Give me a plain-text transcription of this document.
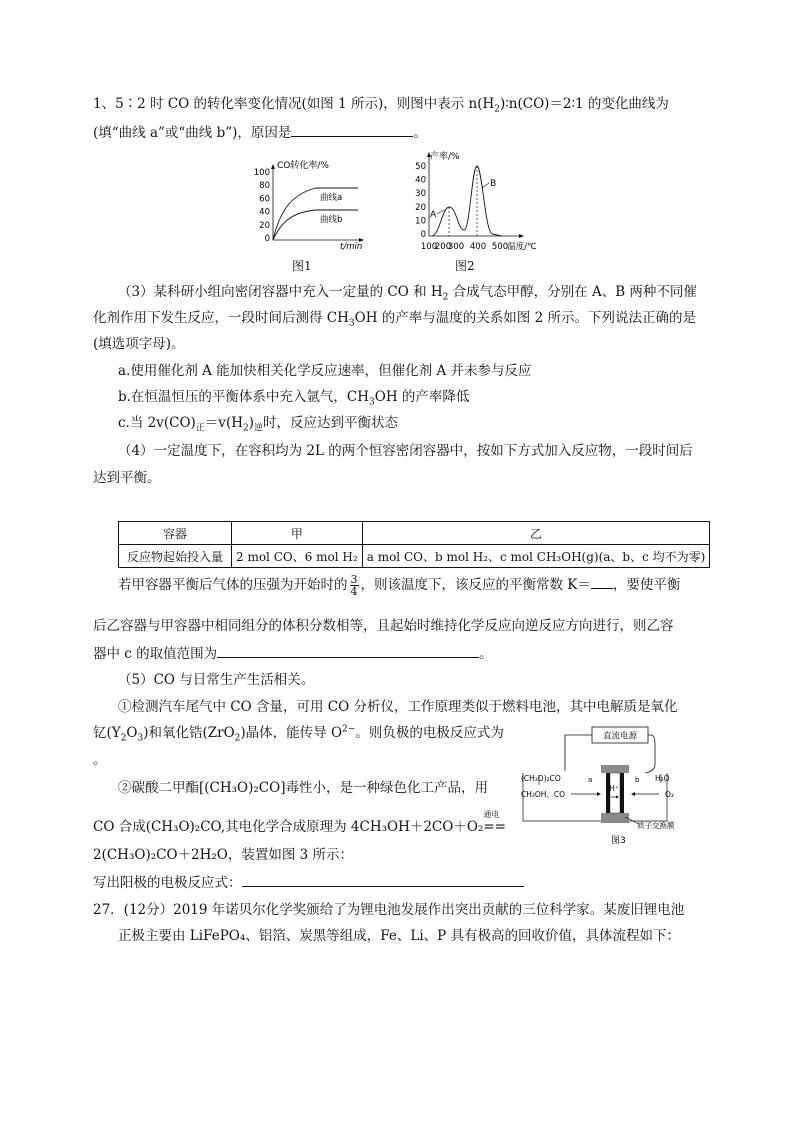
1、5∶2 时 CO 的转化率变化情况(如图 1 所示)，则图中表示 $n(H_2)∶n(CO)=2∶1$ 的变化曲线为
(填“曲线 a”或“曲线 b”)，原因是	。
CO转化率/%
100
80
60
40
20
0
曲线a
曲线b
t/min
图1
产率/%
50
40
30
20
10
0
100
200
300 400 500
A
B
温度/℃
图2
（3）某科研小组向密闭容器中充入一定量的 CO 和 $H_2$ 合成气态甲醇，分别在 A、B 两种不同催
化剂作用下发生反应，一段时间后测得 $CH_3OH$ 的产率与温度的关系如图 2 所示。下列说法正确的是
(填选项字母)。
a.使用催化剂 A 能加快相关化学反应速率，但催化剂 A 并未参与反应
b.在恒温恒压的平衡体系中充入氩气，$CH_3OH$ 的产率降低
c.当 $2v(CO)_正=v(H_2)_逆$时，反应达到平衡状态
（4）一定温度下，在容积均为 2L 的两个恒容密闭容器中，按如下方式加入反应物，一段时间后
达到平衡。
容器	甲	乙
反应物起始投入量	2 mol CO、6 mol H₂	a mol CO、b mol H₂、c mol CH₃OH(g)(a、b、c 均不为零)
若甲容器平衡后气体的压强为开始时的 $\frac{3}{4}$ ，则该温度下，该反应的平衡常数 K＝ ，要使平衡
后乙容器与甲容器中相同组分的体积分数相等，且起始时维持化学反应向逆反应方向进行，则乙容
器中 c 的取值范围为	。
（5）CO 与日常生产生活相关。
①检测汽车尾气中 CO 含量，可用 CO 分析仪，工作原理类似于燃料电池，其中电解质是氧化
钇$(Y_2O_3)$和氧化锆(ZrO$_2$)晶体，能传导 $O^{2-}$。则负极的电极反应式为
。
②碳酸二甲酯[(CH₃O)₂CO]毒性小，是一种绿色化工产品，用
CO 合成(CH₃O)₂CO,其电化学合成原理为 4CH₃OH＋2CO＋O₂
通电
==
2(CH₃O)₂CO＋2H₂O，装置如图 3 所示：
写出阳极的电极反应式：
直流电源
H⁺
(CH₃O)₂CO	a	b H₂O
CH₃OH、CO	O₂
质子交换膜
图3
27．(12分）2019 年诺贝尔化学奖颁给了为锂电池发展作出突出贡献的三位科学家。某废旧锂电池
正极主要由 LiFePO₄、铝箔、炭黑等组成，Fe、Li、P 具有极高的回收价值，具体流程如下：
